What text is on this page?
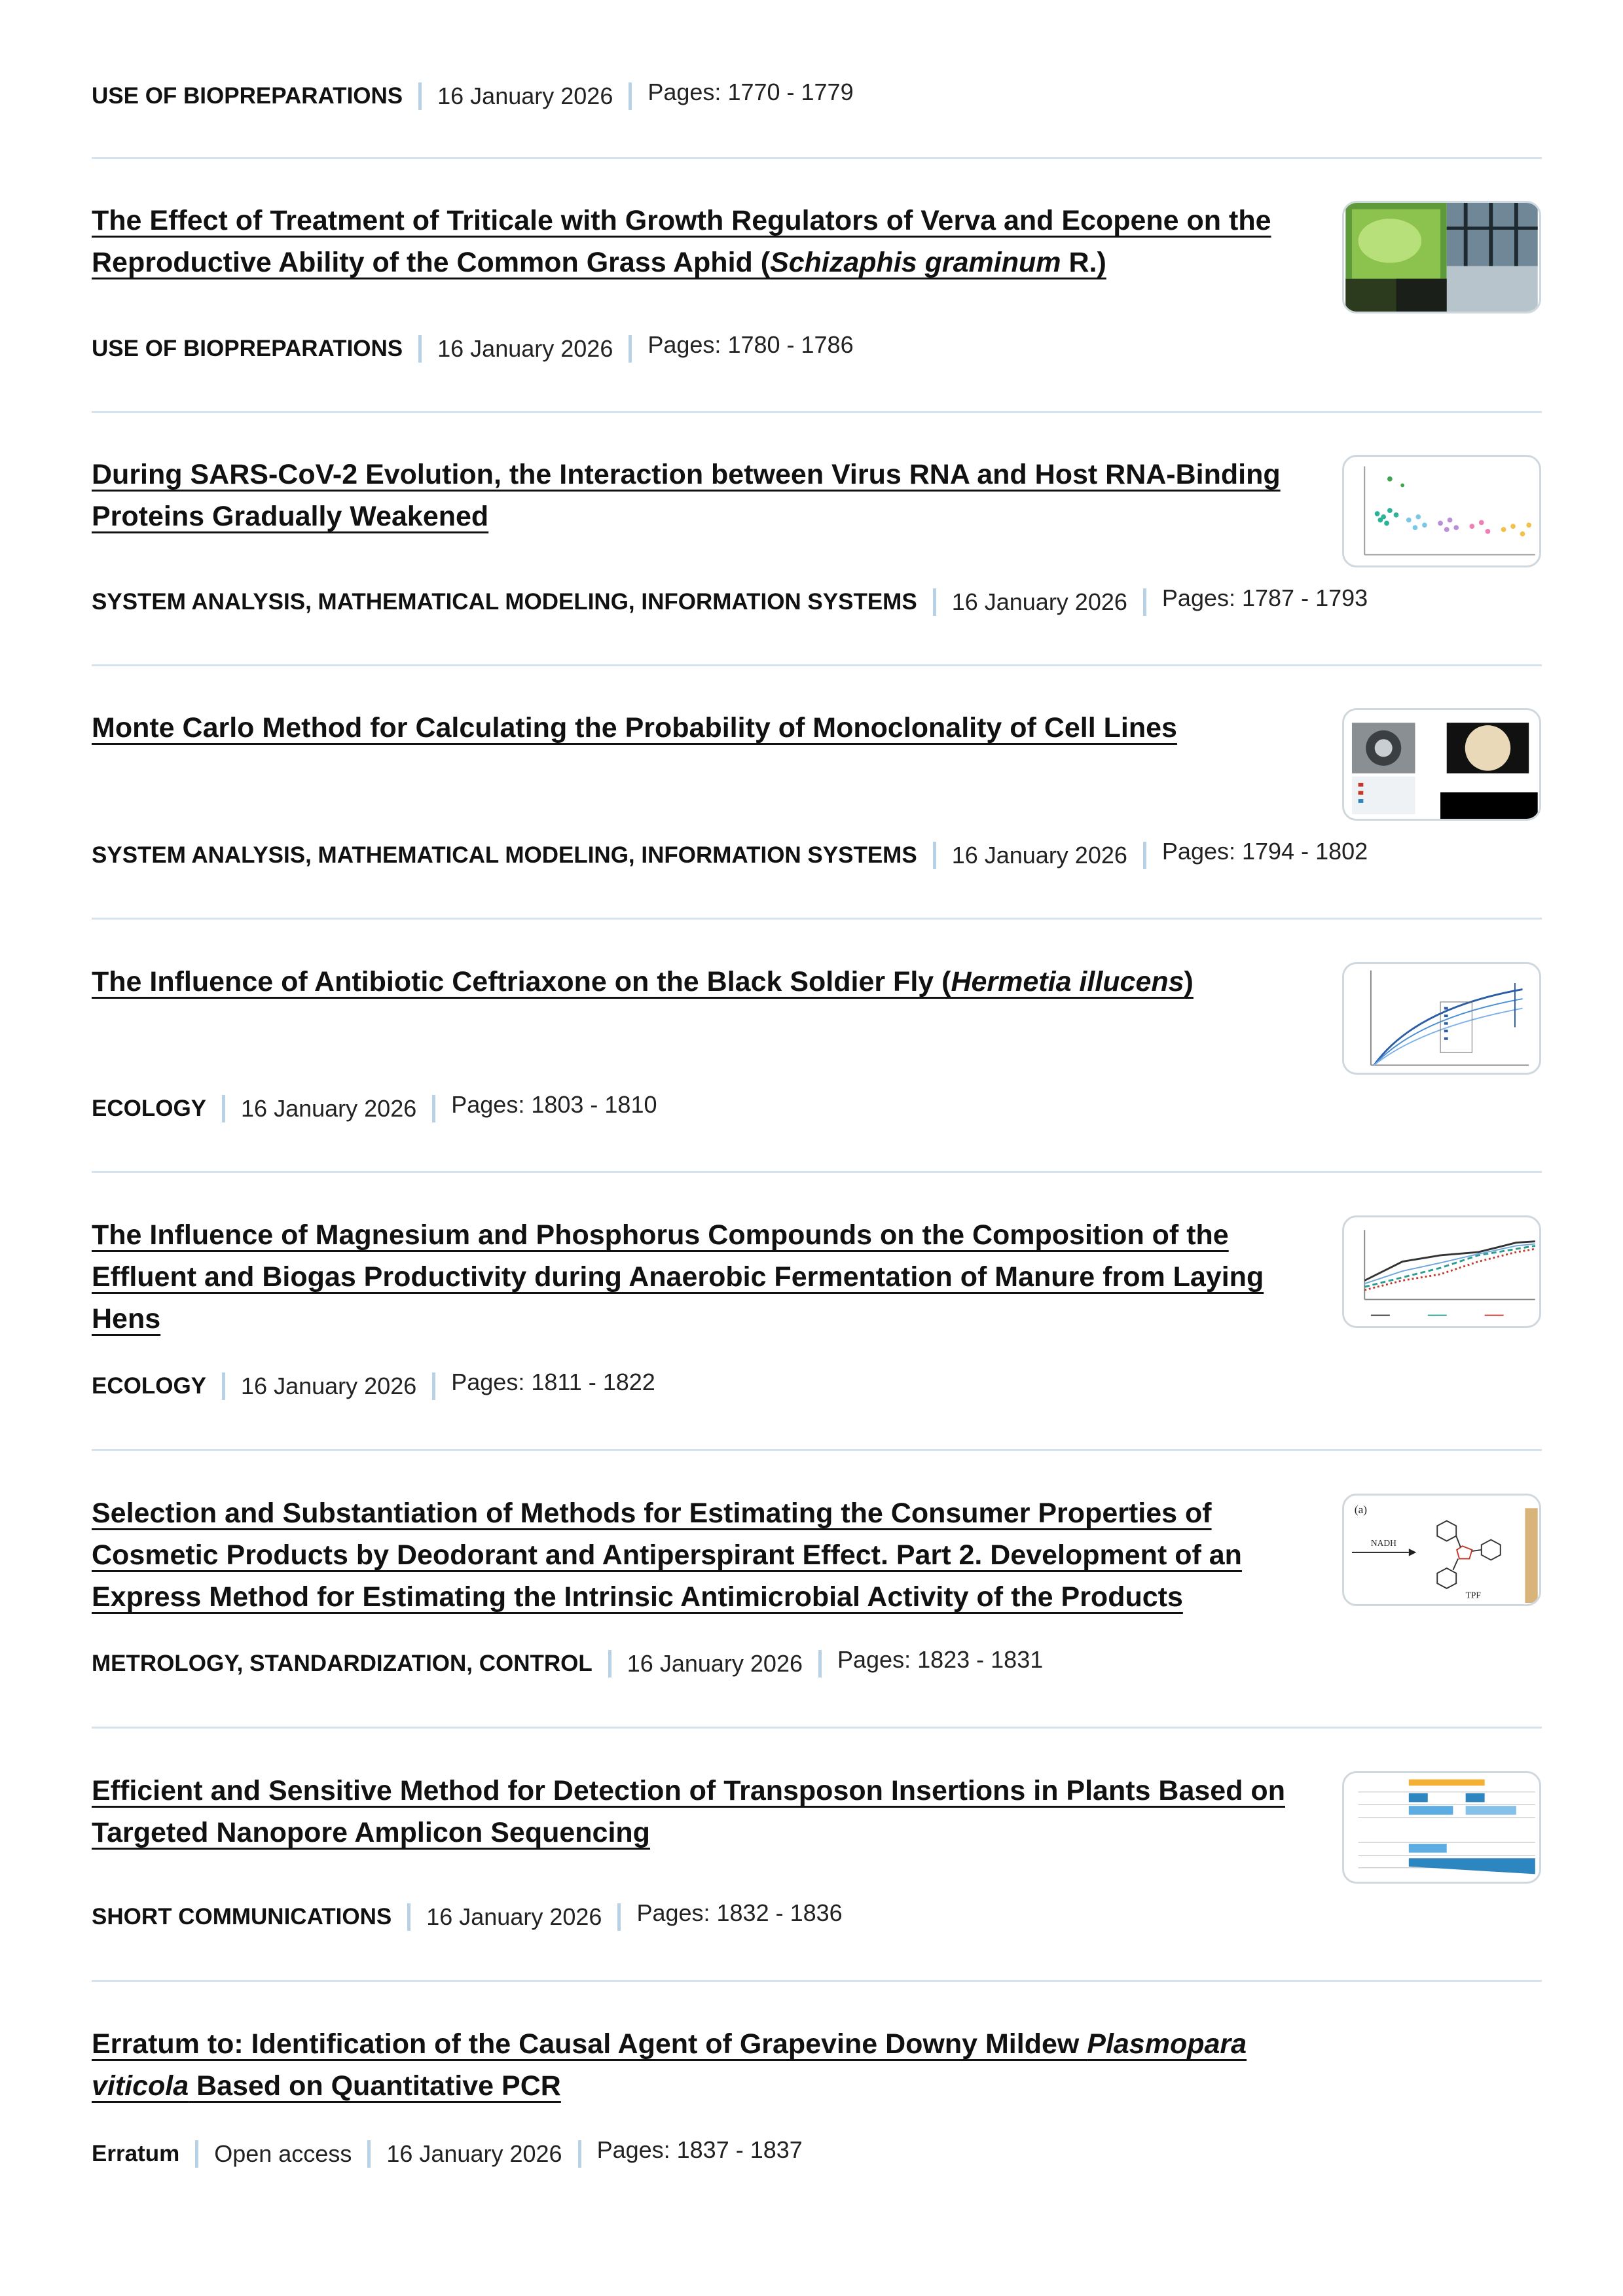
USE OF BIOPREPARATIONS 16 January 2026 Pages: 1770 - 1779
The Effect of Treatment of Triticale with Growth Regulators of Verva and Ecopene on the Reproductive Ability of the Common Grass Aphid (Schizaphis graminum R.)
USE OF BIOPREPARATIONS 16 January 2026 Pages: 1780 - 1786
During SARS-CoV-2 Evolution, the Interaction between Virus RNA and Host RNA-Binding Proteins Gradually Weakened
SYSTEM ANALYSIS, MATHEMATICAL MODELING, INFORMATION SYSTEMS 16 January 2026 Pages: 1787 - 1793
Monte Carlo Method for Calculating the Probability of Monoclonality of Cell Lines
SYSTEM ANALYSIS, MATHEMATICAL MODELING, INFORMATION SYSTEMS 16 January 2026 Pages: 1794 - 1802
The Influence of Antibiotic Ceftriaxone on the Black Soldier Fly (Hermetia illucens)
ECOLOGY 16 January 2026 Pages: 1803 - 1810
The Influence of Magnesium and Phosphorus Compounds on the Composition of the Effluent and Biogas Productivity during Anaerobic Fermentation of Manure from Laying Hens
ECOLOGY 16 January 2026 Pages: 1811 - 1822
Selection and Substantiation of Methods for Estimating the Consumer Properties of Cosmetic Products by Deodorant and Antiperspirant Effect. Part 2. Development of an Express Method for Estimating the Intrinsic Antimicrobial Activity of the Products
(a)
NADH
TPF
METROLOGY, STANDARDIZATION, CONTROL 16 January 2026 Pages: 1823 - 1831
Efficient and Sensitive Method for Detection of Transposon Insertions in Plants Based on Targeted Nanopore Amplicon Sequencing
SHORT COMMUNICATIONS 16 January 2026 Pages: 1832 - 1836
Erratum to: Identification of the Causal Agent of Grapevine Downy Mildew Plasmopara viticola Based on Quantitative PCR
Erratum Open access 16 January 2026 Pages: 1837 - 1837
